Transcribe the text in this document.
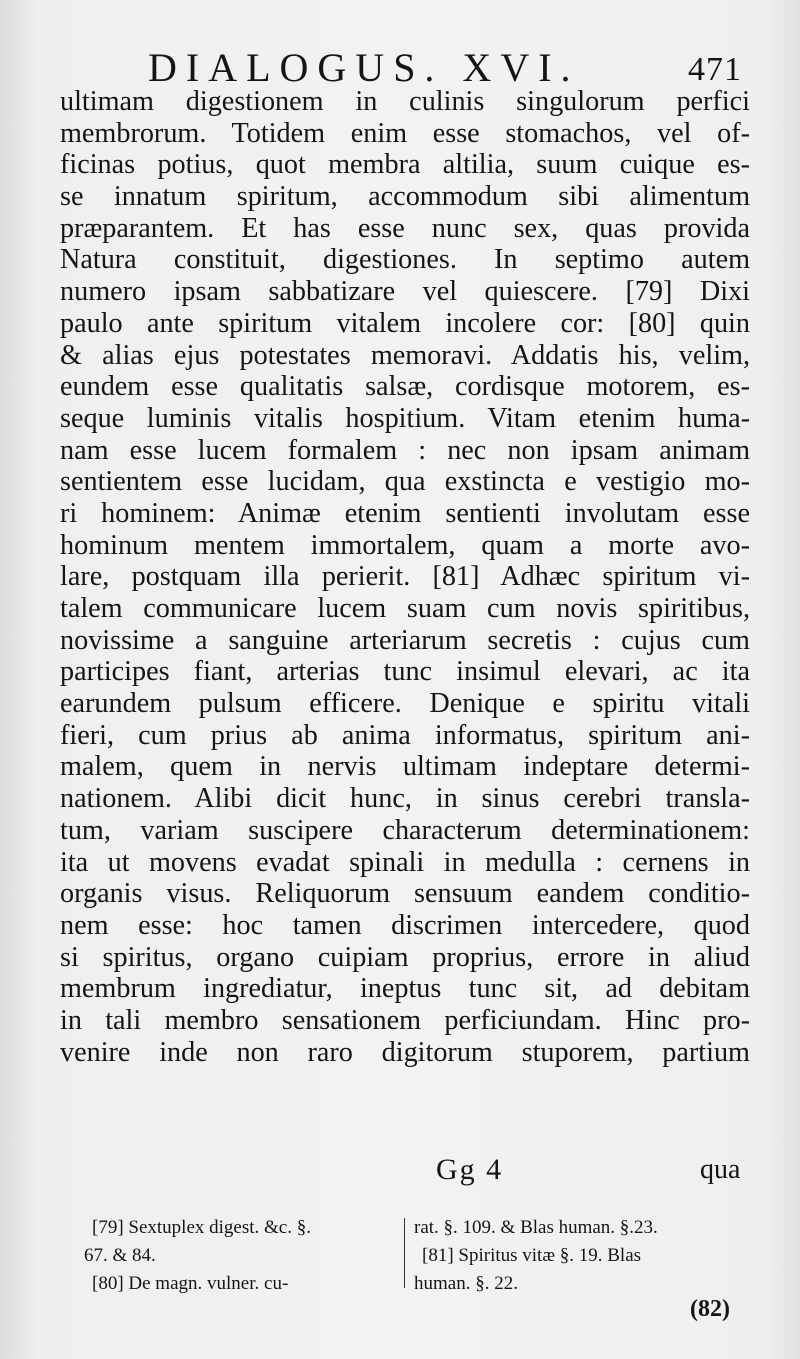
DIALOGUS. XVI.	471
ultimam digestionem in culinis singulorum perfici
membrorum. Totidem enim esse stomachos, vel of-
ficinas potius, quot membra altilia, suum cuique es-
se innatum spiritum, accommodum sibi alimentum
præparantem. Et has esse nunc sex, quas provida
Natura constituit, digestiones. In septimo autem
numero ipsam sabbatizare vel quiescere. [79] Dixi
paulo ante spiritum vitalem incolere cor: [80] quin
& alias ejus potestates memoravi. Addatis his, velim,
eundem esse qualitatis salsæ, cordisque motorem, es-
seque luminis vitalis hospitium. Vitam etenim huma-
nam esse lucem formalem : nec non ipsam animam
sentientem esse lucidam, qua exstincta e vestigio mo-
ri hominem: Animæ etenim sentienti involutam esse
hominum mentem immortalem, quam a morte avo-
lare, postquam illa perierit. [81] Adhæc spiritum vi-
talem communicare lucem suam cum novis spiritibus,
novissime a sanguine arteriarum secretis : cujus cum
participes fiant, arterias tunc insimul elevari, ac ita
earundem pulsum efficere. Denique e spiritu vitali
fieri, cum prius ab anima informatus, spiritum ani-
malem, quem in nervis ultimam indeptare determi-
nationem. Alibi dicit hunc, in sinus cerebri transla-
tum, variam suscipere characterum determinationem:
ita ut movens evadat spinali in medulla : cernens in
organis visus. Reliquorum sensuum eandem conditio-
nem esse: hoc tamen discrimen intercedere, quod
si spiritus, organo cuipiam proprius, errore in aliud
membrum ingrediatur, ineptus tunc sit, ad debitam
in tali membro sensationem perficiundam. Hinc pro-
venire inde non raro digitorum stuporem, partium
Gg 4	qua
[79] Sextuplex digest. &c. §.
67. & 84.
[80] De magn. vulner. cu-
rat. §. 109. & Blas human. §.23.
[81] Spiritus vitæ §. 19. Blas
human. §. 22.
(82)
